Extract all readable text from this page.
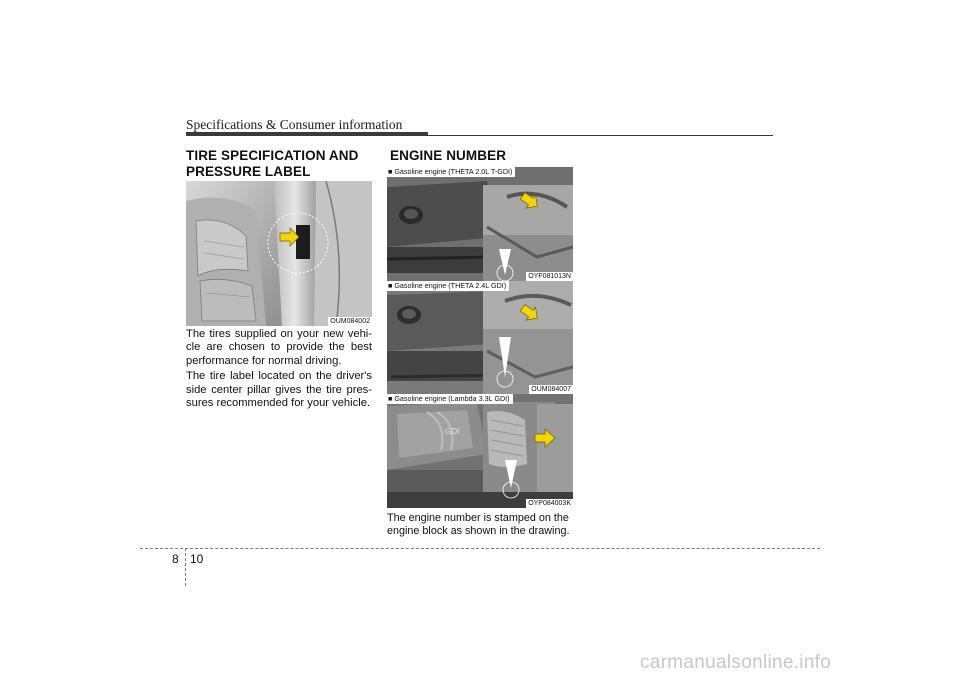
Specifications & Consumer information
TIRE SPECIFICATION AND PRESSURE LABEL
OUM084002

The tires supplied on your new vehi-cle are chosen to provide the best performance for normal driving.

The tire label located on the driver's side center pillar gives the tire pres-sures recommended for your vehicle.

ENGINE NUMBER
■ Gasoline engine (THETA 2.0L T-GDI)
OYF081013N
■ Gasoline engine (THETA 2.4L GDI)
OUM084007
GDI
■ Gasoline engine (Lambda 3.3L GDI)
OYP084003K

The engine number is stamped on the engine block as shown in the drawing.

8 10
carmanualsonline.info
